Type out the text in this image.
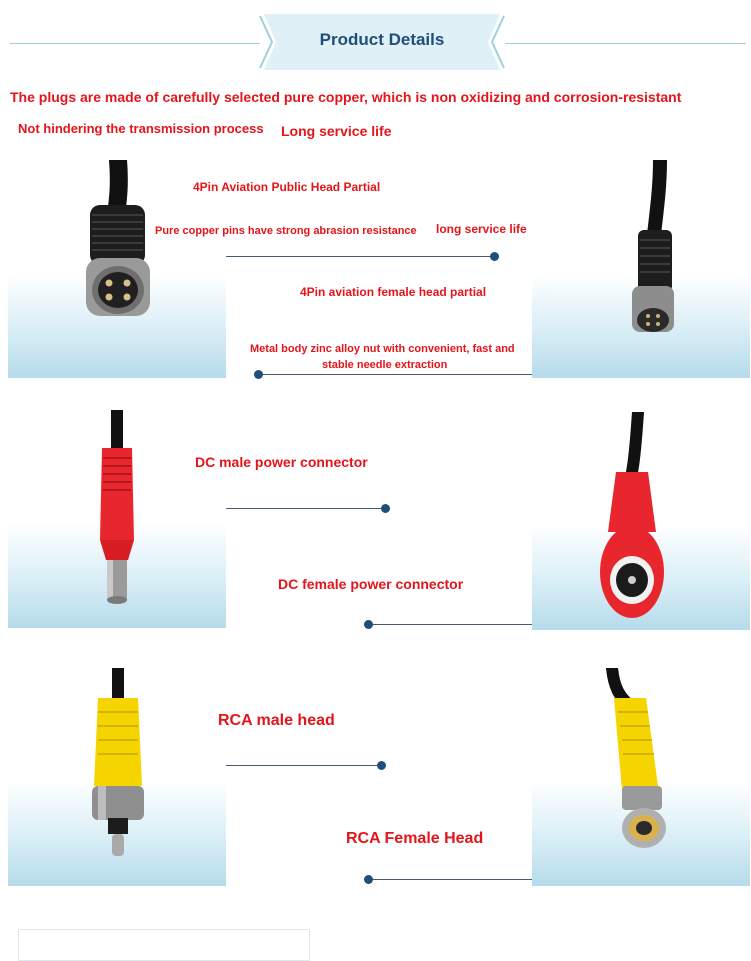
Product Details
The plugs are made of carefully selected pure copper, which is non oxidizing and corrosion-resistant
Not hindering the transmission process Long service life
4Pin Aviation Public Head Partial
Pure copper pins have strong abrasion resistance long service life
4Pin aviation female head partial
Metal body zinc alloy nut with convenient, fast and
stable needle extraction
DC male power connector
DC female power connector
RCA male head
RCA Female Head
